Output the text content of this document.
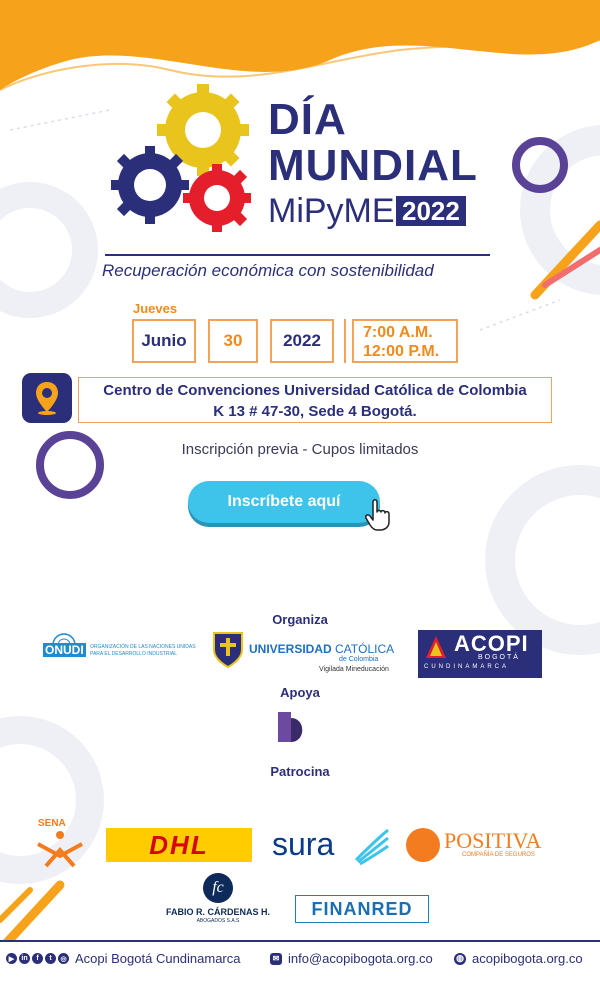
DÍA
MUNDIAL
MiPyME 2022
Recuperación económica con sostenibilidad
Jueves
Junio	30	2022	7:00 A.M.
12:00 P.M.
Centro de Convenciones Universidad Católica de Colombia
K 13 # 47-30, Sede 4 Bogotá.
Inscripción previa - Cupos limitados
Inscríbete aquí
Organiza
ONUDI	ORGANIZACIÓN DE LAS NACIONES UNIDAS
PARA EL DESARROLLO INDUSTRIAL	UNIVERSIDAD CATÓLICA
de Colombia
Vigilada Mineducación
ACOPI
BOGOTÁ
CUNDINAMARCA
Apoya
Patrocina
SENA
DHL sura	POSITIVA
COMPAÑÍA DE SEGUROS
fc
FABIO R. CÁRDENAS H.
ABOGADOS S.A.S
FINANRED
▶	in	f	t	◎ Acopi Bogotá Cundinamarca	✉ info@acopibogota.org.co	◍ acopibogota.org.co
